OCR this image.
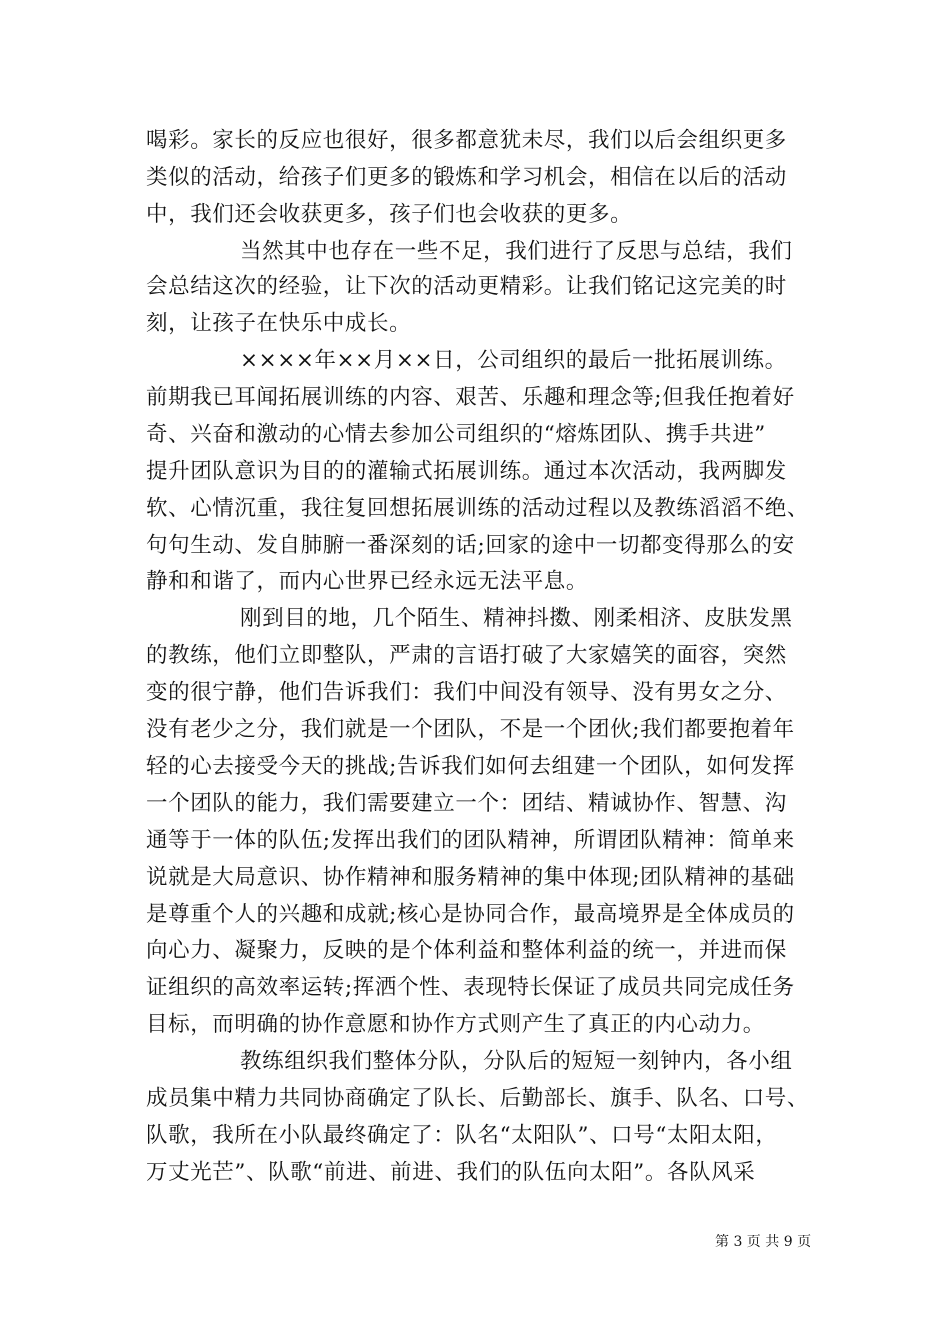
喝彩。家长的反应也很好，很多都意犹未尽，我们以后会组织更多
类似的活动，给孩子们更多的锻炼和学习机会，相信在以后的活动
中，我们还会收获更多，孩子们也会收获的更多。
当然其中也存在一些不足，我们进行了反思与总结，我们
会总结这次的经验，让下次的活动更精彩。让我们铭记这完美的时
刻，让孩子在快乐中成长。
××××年××月××日，公司组织的最后一批拓展训练。
前期我已耳闻拓展训练的内容、艰苦、乐趣和理念等;但我任抱着好
奇、兴奋和激动的心情去参加公司组织的“熔炼团队、携手共进”
提升团队意识为目的的灌输式拓展训练。通过本次活动，我两脚发
软、心情沉重，我往复回想拓展训练的活动过程以及教练滔滔不绝、
句句生动、发自肺腑一番深刻的话;回家的途中一切都变得那么的安
静和和谐了，而内心世界已经永远无法平息。
刚到目的地，几个陌生、精神抖擞、刚柔相济、皮肤发黑
的教练，他们立即整队，严肃的言语打破了大家嬉笑的面容，突然
变的很宁静，他们告诉我们：我们中间没有领导、没有男女之分、
没有老少之分，我们就是一个团队，不是一个团伙;我们都要抱着年
轻的心去接受今天的挑战;告诉我们如何去组建一个团队，如何发挥
一个团队的能力，我们需要建立一个：团结、精诚协作、智慧、沟
通等于一体的队伍;发挥出我们的团队精神，所谓团队精神：简单来
说就是大局意识、协作精神和服务精神的集中体现;团队精神的基础
是尊重个人的兴趣和成就;核心是协同合作，最高境界是全体成员的
向心力、凝聚力，反映的是个体利益和整体利益的统一，并进而保
证组织的高效率运转;挥洒个性、表现特长保证了成员共同完成任务
目标，而明确的协作意愿和协作方式则产生了真正的内心动力。
教练组织我们整体分队，分队后的短短一刻钟内，各小组
成员集中精力共同协商确定了队长、后勤部长、旗手、队名、口号、
队歌，我所在小队最终确定了：队名“太阳队”、口号“太阳太阳，
万丈光芒”、队歌“前进、前进、我们的队伍向太阳”。各队风采
第 3 页 共 9 页
